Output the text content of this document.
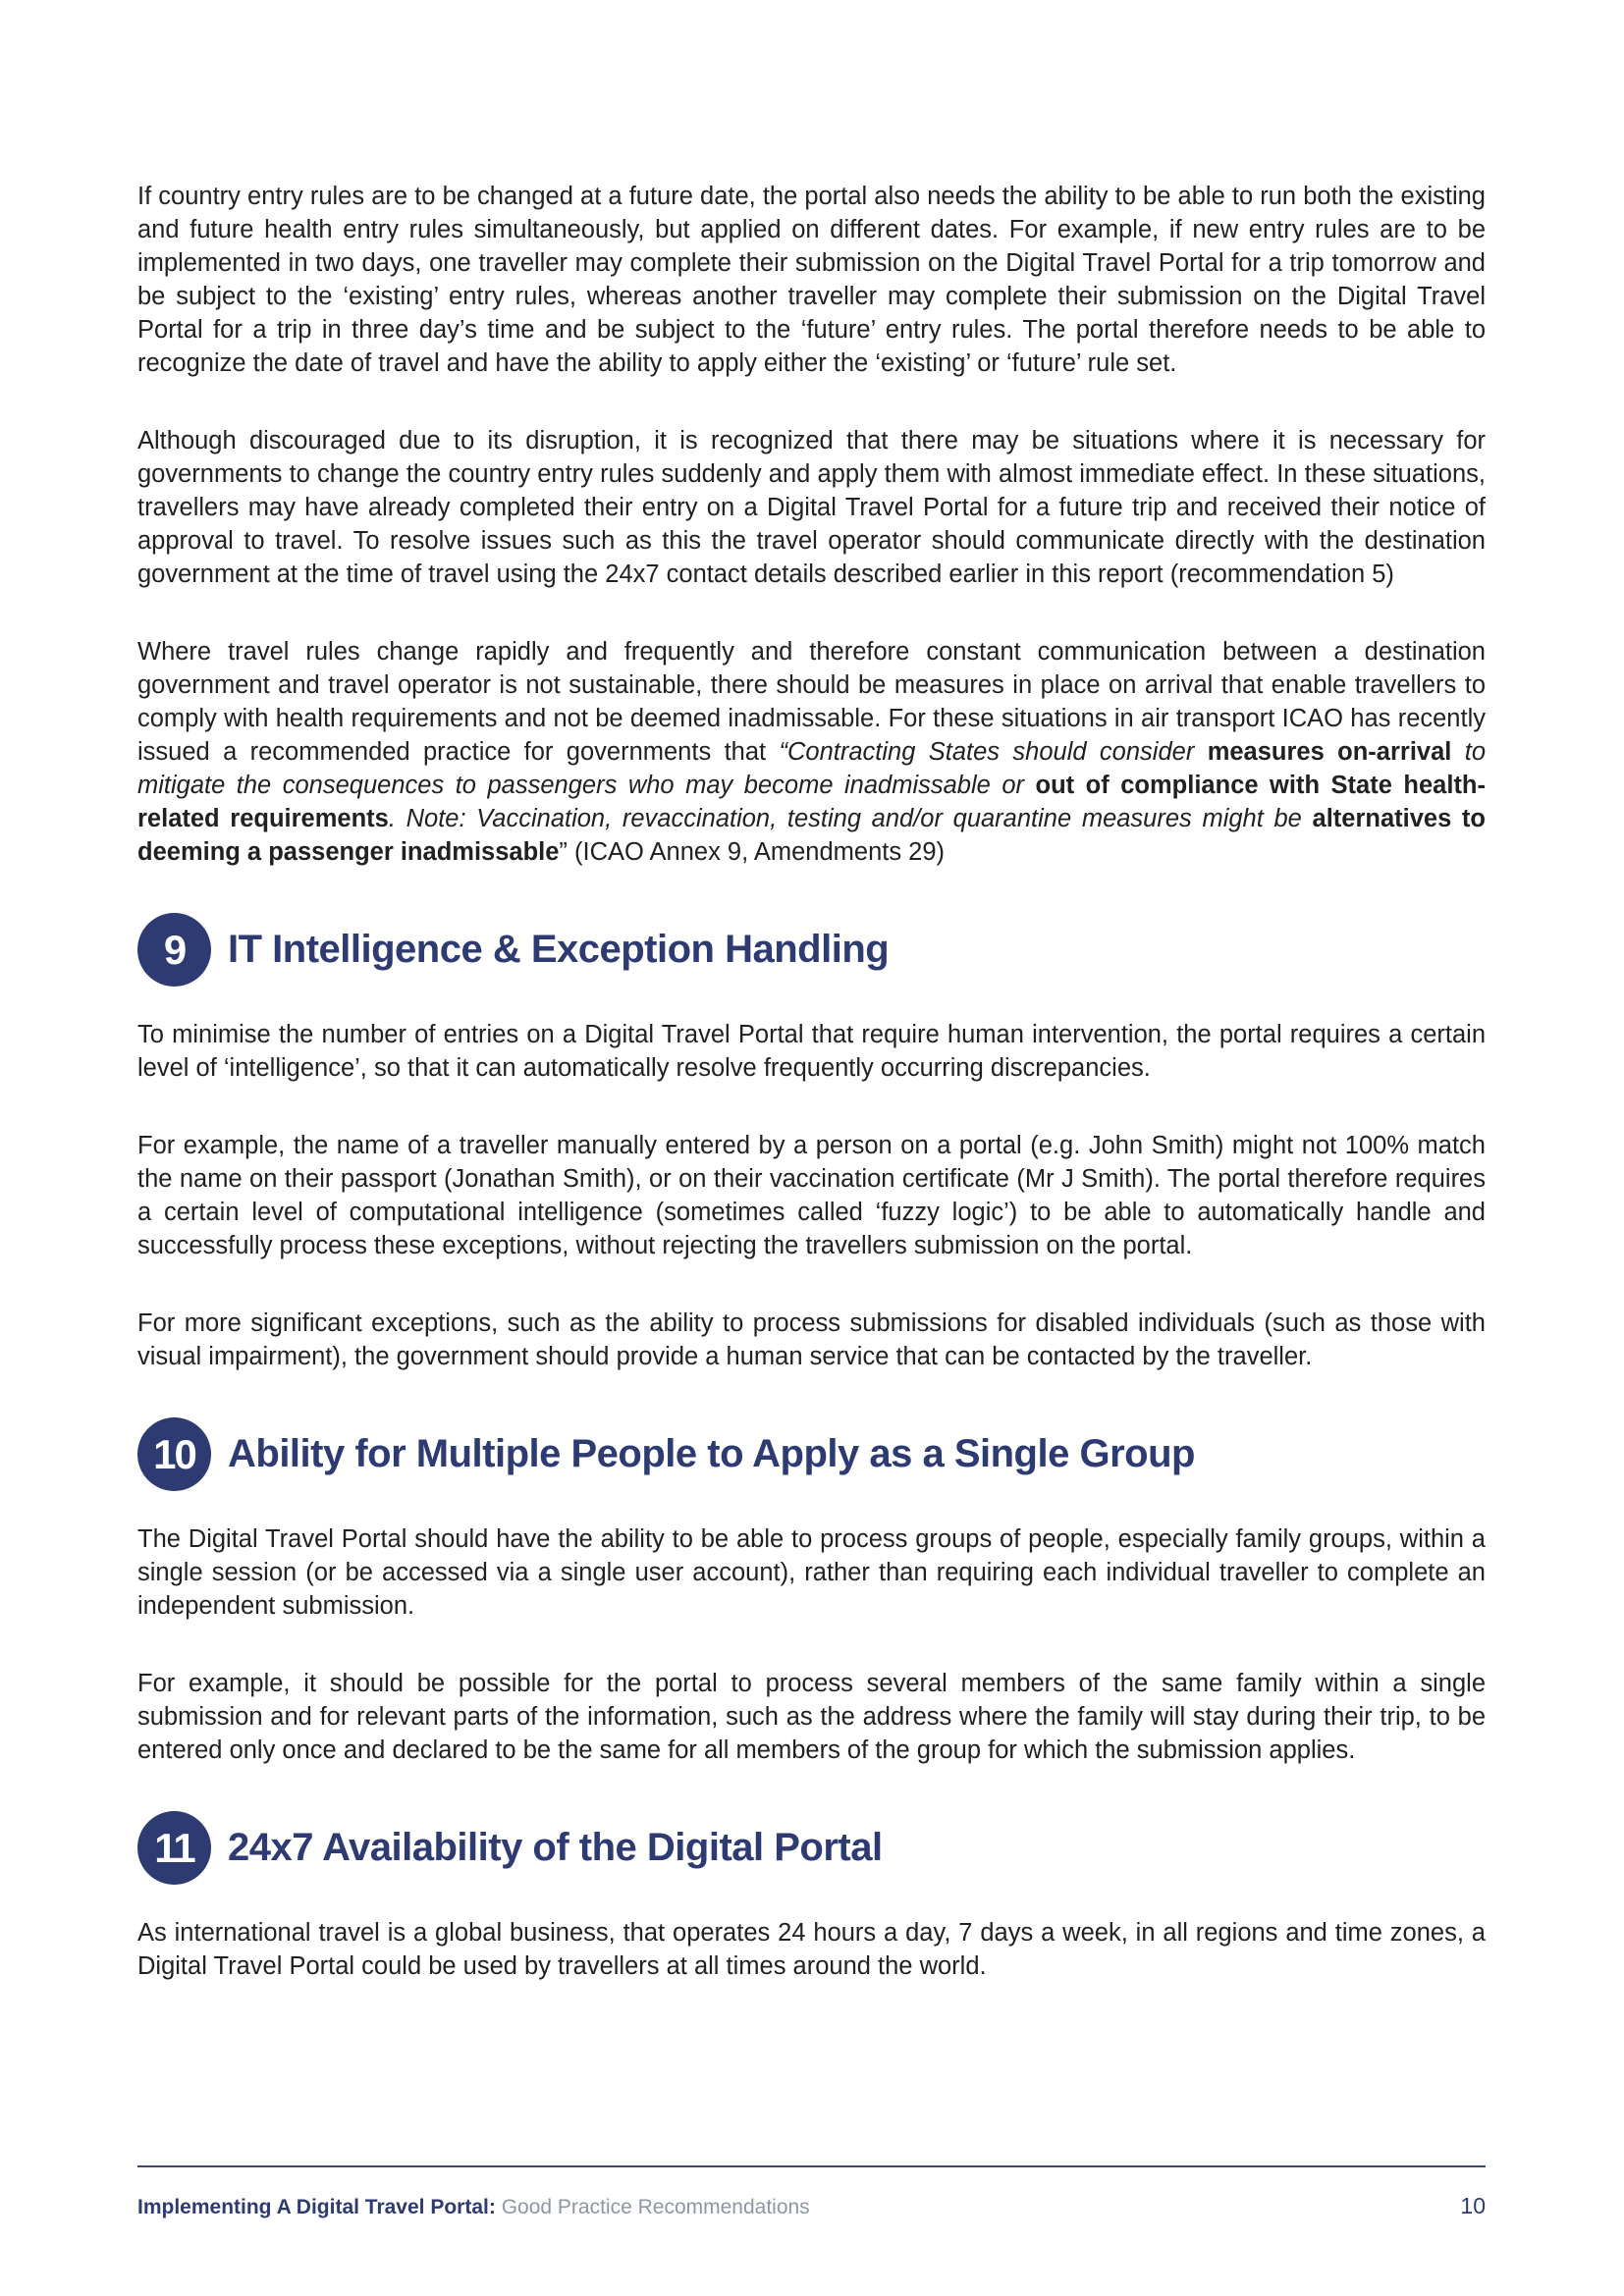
If country entry rules are to be changed at a future date, the portal also needs the ability to be able to run both the existing and future health entry rules simultaneously, but applied on different dates. For example, if new entry rules are to be implemented in two days, one traveller may complete their submission on the Digital Travel Portal for a trip tomorrow and be subject to the ‘existing’ entry rules, whereas another traveller may complete their submission on the Digital Travel Portal for a trip in three day’s time and be subject to the ‘future’ entry rules. The portal therefore needs to be able to recognize the date of travel and have the ability to apply either the ‘existing’ or ‘future’ rule set.

Although discouraged due to its disruption, it is recognized that there may be situations where it is necessary for governments to change the country entry rules suddenly and apply them with almost immediate effect. In these situations, travellers may have already completed their entry on a Digital Travel Portal for a future trip and received their notice of approval to travel. To resolve issues such as this the travel operator should communicate directly with the destination government at the time of travel using the 24x7 contact details described earlier in this report (recommendation 5)

Where travel rules change rapidly and frequently and therefore constant communication between a destination government and travel operator is not sustainable, there should be measures in place on arrival that enable travellers to comply with health requirements and not be deemed inadmissable. For these situations in air transport ICAO has recently issued a recommended practice for governments that “Contracting States should consider measures on-arrival to mitigate the consequences to passengers who may become inadmissable or out of compliance with State health-related requirements. Note: Vaccination, revaccination, testing and/or quarantine measures might be alternatives to deeming a passenger inadmissable” (ICAO Annex 9, Amendments 29)

9 IT Intelligence & Exception Handling

To minimise the number of entries on a Digital Travel Portal that require human intervention, the portal requires a certain level of ‘intelligence’, so that it can automatically resolve frequently occurring discrepancies.

For example, the name of a traveller manually entered by a person on a portal (e.g. John Smith) might not 100% match the name on their passport (Jonathan Smith), or on their vaccination certificate (Mr J Smith). The portal therefore requires a certain level of computational intelligence (sometimes called ‘fuzzy logic’) to be able to automatically handle and successfully process these exceptions, without rejecting the travellers submission on the portal.

For more significant exceptions, such as the ability to process submissions for disabled individuals (such as those with visual impairment), the government should provide a human service that can be contacted by the traveller.

10 Ability for Multiple People to Apply as a Single Group

The Digital Travel Portal should have the ability to be able to process groups of people, especially family groups, within a single session (or be accessed via a single user account), rather than requiring each individual traveller to complete an independent submission.

For example, it should be possible for the portal to process several members of the same family within a single submission and for relevant parts of the information, such as the address where the family will stay during their trip, to be entered only once and declared to be the same for all members of the group for which the submission applies.

11 24x7 Availability of the Digital Portal

As international travel is a global business, that operates 24 hours a day, 7 days a week, in all regions and time zones, a Digital Travel Portal could be used by travellers at all times around the world.

Implementing A Digital Travel Portal: Good Practice Recommendations	10
